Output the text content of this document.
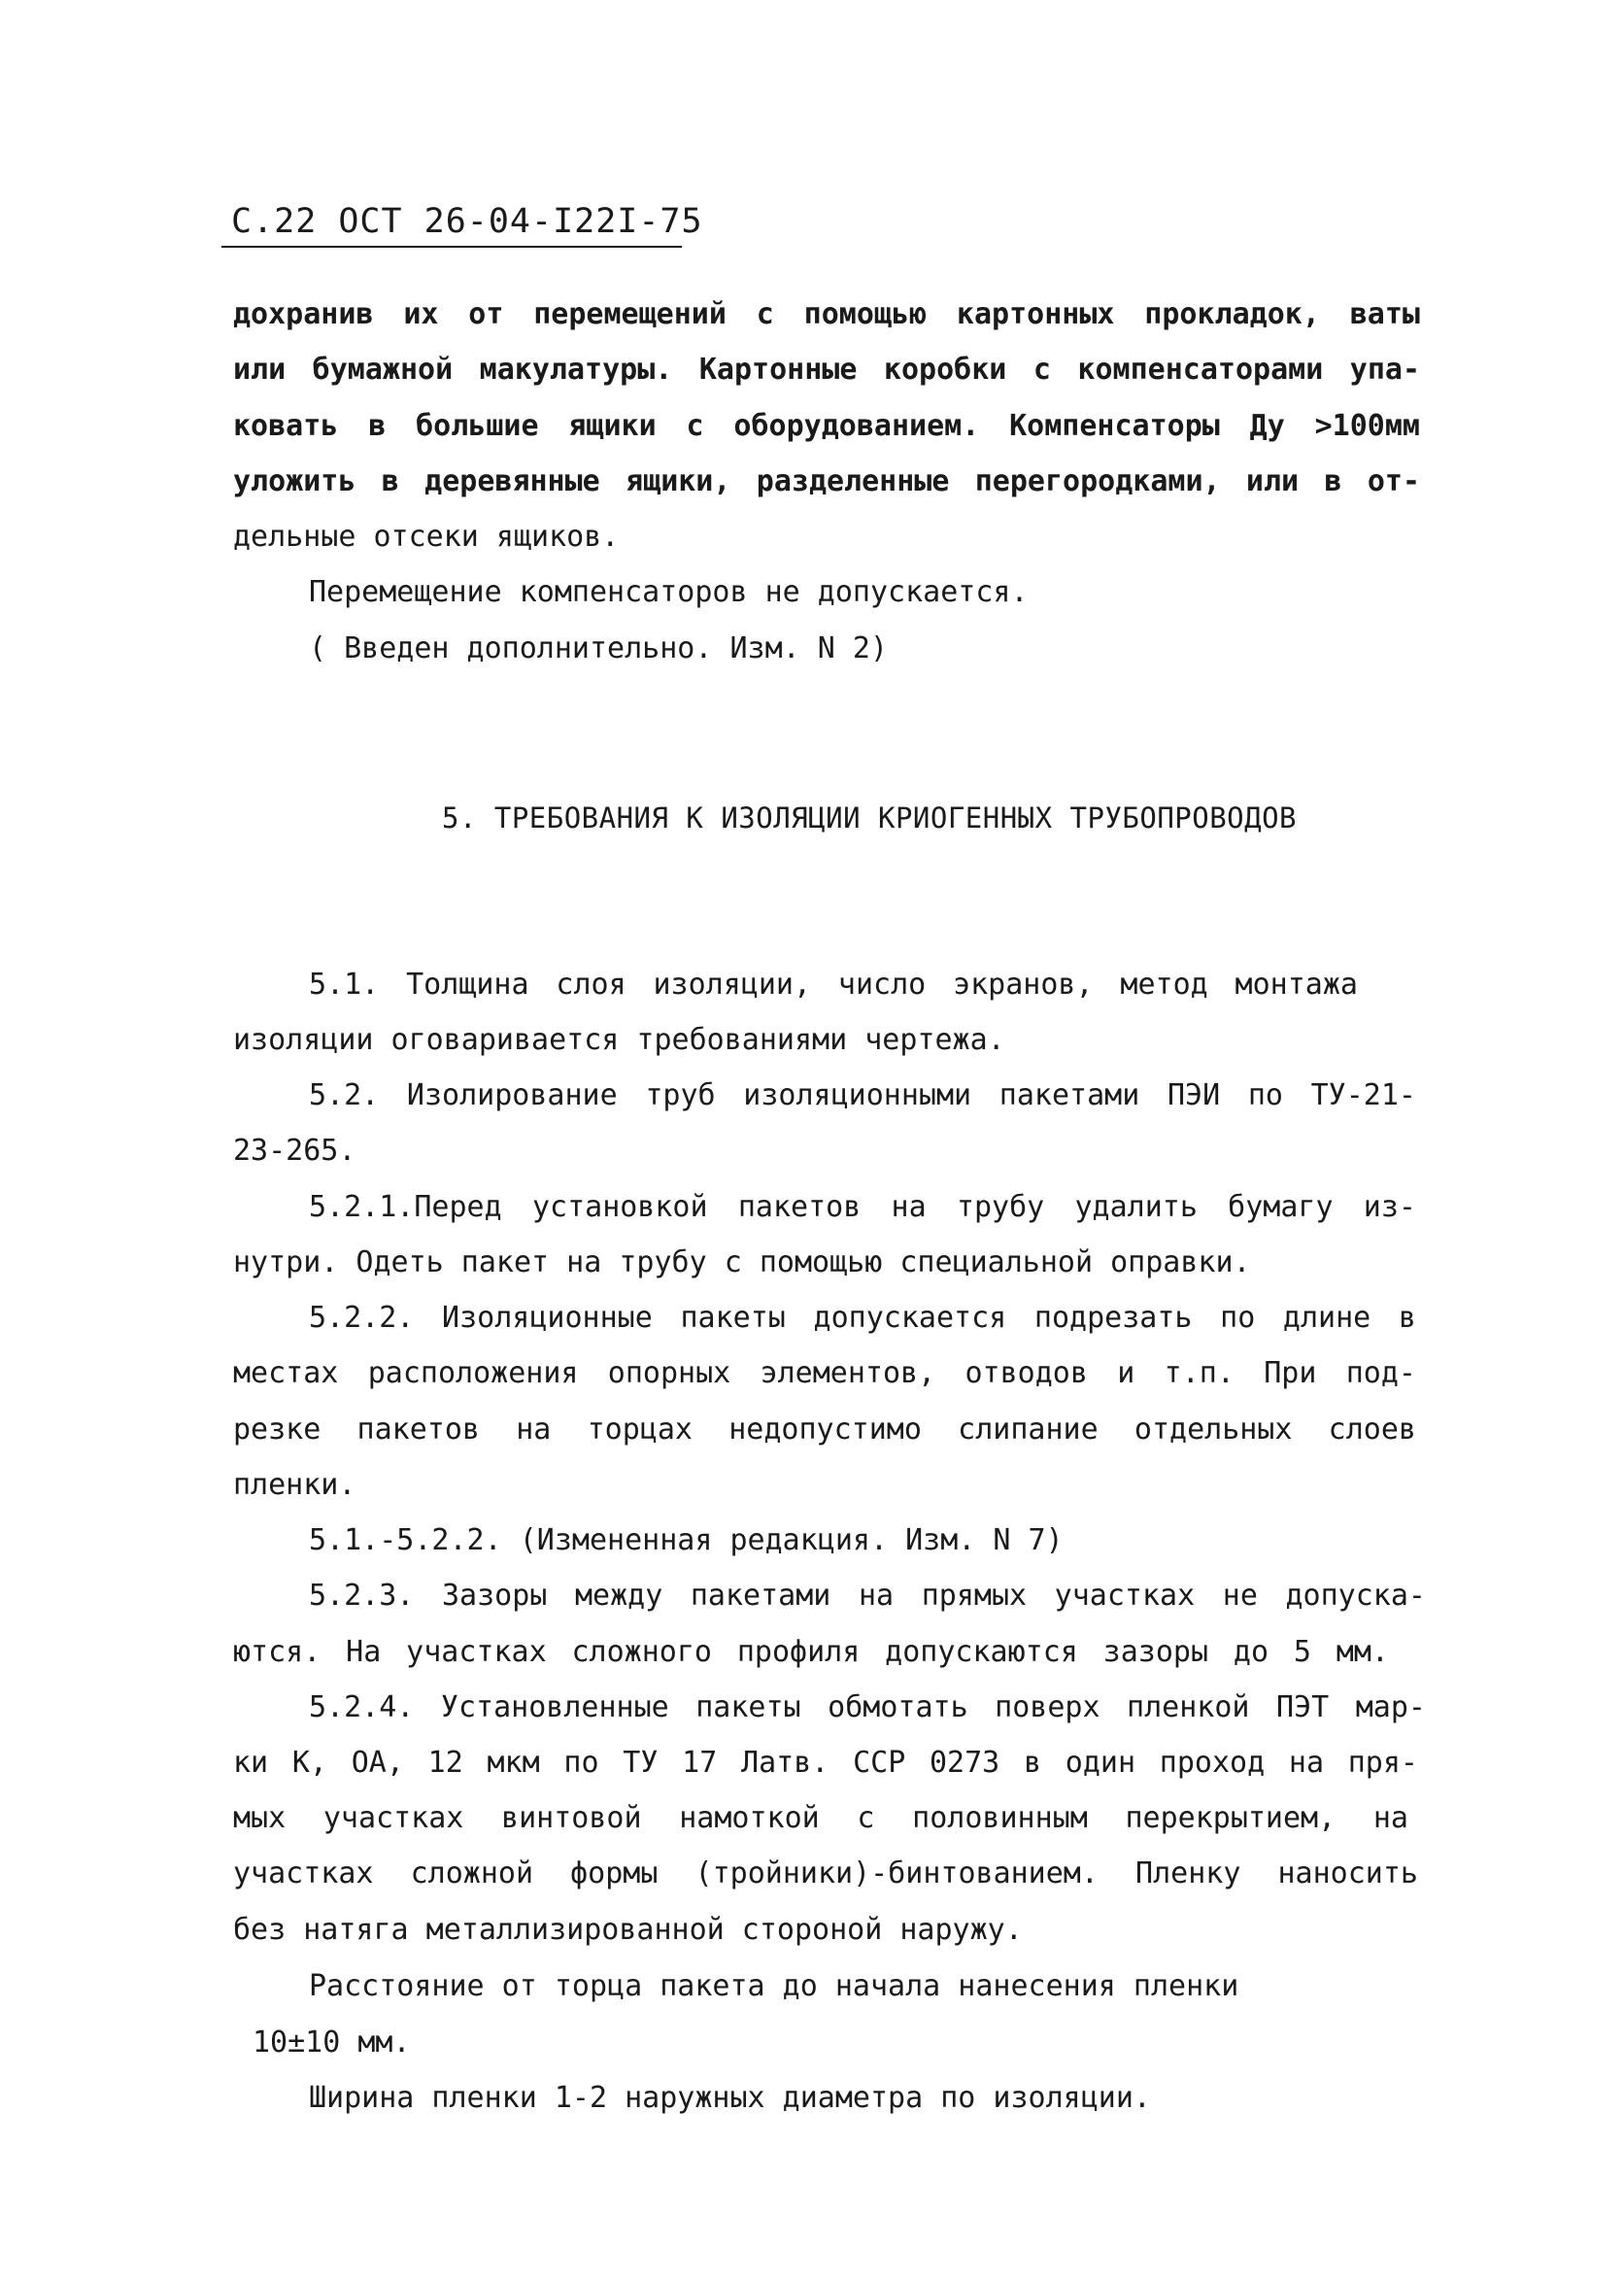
С.22 ОСТ 26-04-I22I-75
дохранив их от перемещений с помощью картонных прокладок, ваты
или бумажной макулатуры. Картонные коробки с компенсаторами упа-
ковать в большие ящики с оборудованием. Компенсаторы Ду >100мм
уложить в деревянные ящики, разделенные перегородками, или в от-
дельные отсеки ящиков.
Перемещение компенсаторов не допускается.
( Введен дополнительно. Изм. N 2)
5. ТРЕБОВАНИЯ К ИЗОЛЯЦИИ КРИОГЕННЫХ ТРУБОПРОВОДОВ
5.1. Толщина слоя изоляции, число экранов, метод монтажа
изоляции оговаривается требованиями чертежа.
5.2. Изолирование труб изоляционными пакетами ПЭИ по ТУ-21-
23-265.
5.2.1.Перед установкой пакетов на трубу удалить бумагу из-
нутри. Одеть пакет на трубу с помощью специальной оправки.
5.2.2. Изоляционные пакеты допускается подрезать по длине в
местах расположения опорных элементов, отводов и т.п. При под-
резке пакетов на торцах недопустимо слипание отдельных слоев
пленки.
5.1.-5.2.2. (Измененная редакция. Изм. N 7)
5.2.3. Зазоры между пакетами на прямых участках не допуска-
ются. На участках сложного профиля допускаются зазоры до 5 мм.
5.2.4. Установленные пакеты обмотать поверх пленкой ПЭТ мар-
ки К, ОА, 12 мкм по ТУ 17 Латв. ССР 0273 в один проход на пря-
мых участках винтовой намоткой с половинным перекрытием, на
участках сложной формы (тройники)-бинтованием. Пленку наносить
без натяга металлизированной стороной наружу.
Расстояние от торца пакета до начала нанесения пленки
10±10 мм.
Ширина пленки 1-2 наружных диаметра по изоляции.
